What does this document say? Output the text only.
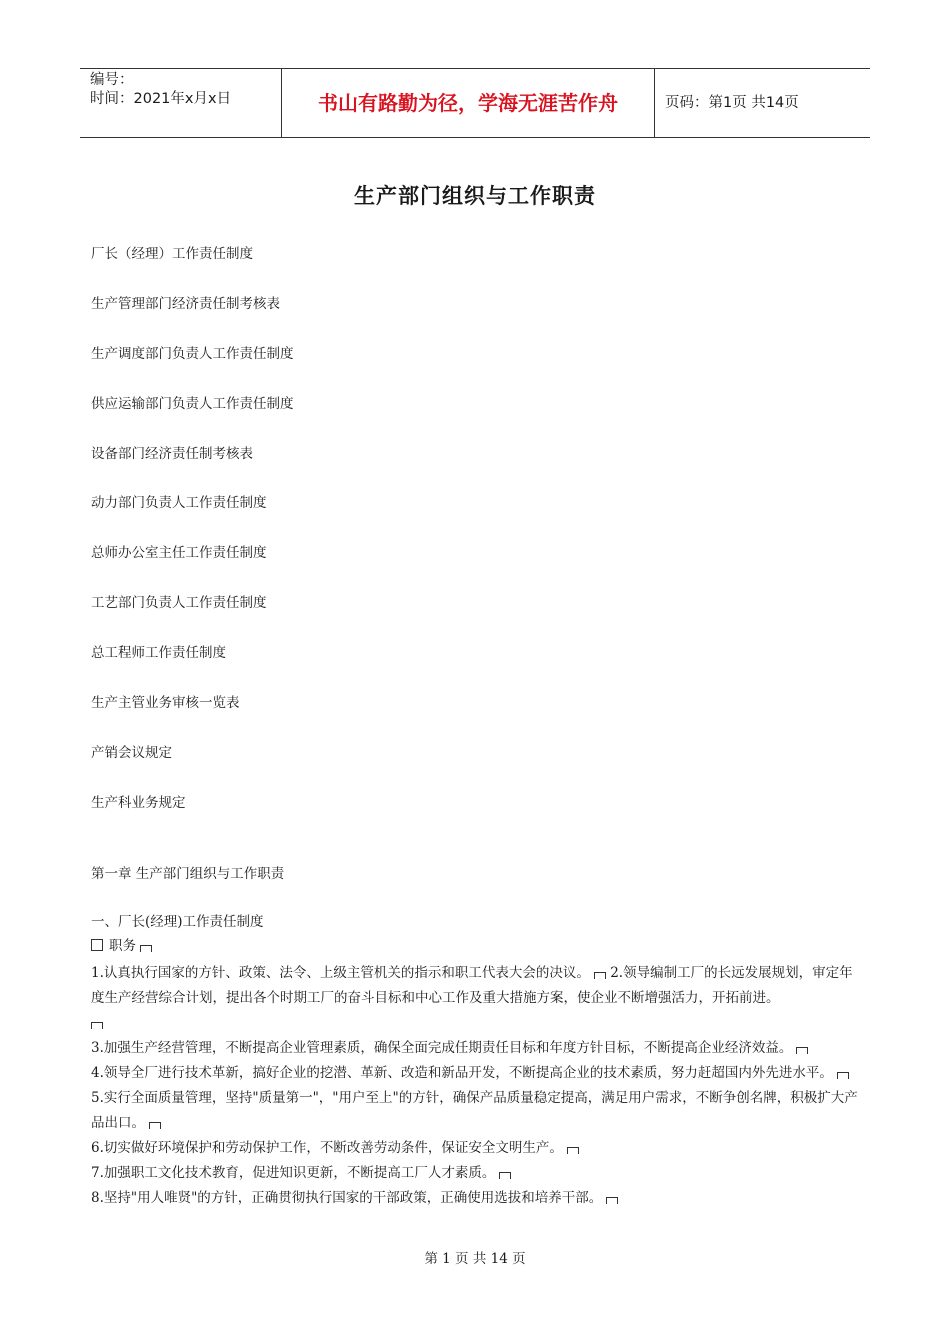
编号：
时间：2021年x月x日	书山有路勤为径，学海无涯苦作舟	页码：第1页 共14页
生产部门组织与工作职责
厂长（经理）工作责任制度
生产管理部门经济责任制考核表
生产调度部门负责人工作责任制度
供应运输部门负责人工作责任制度
设备部门经济责任制考核表
动力部门负责人工作责任制度
总师办公室主任工作责任制度
工艺部门负责人工作责任制度
总工程师工作责任制度
生产主管业务审核一览表
产销会议规定
生产科业务规定
第一章 生产部门组织与工作职责
一、厂长(经理)工作责任制度
职务

1.认真执行国家的方针、政策、法令、上级主管机关的指示和职工代表大会的决议。 2.领导编制工厂的长远发展规划，审定年度生产经营综合计划，提出各个时期工厂的奋斗目标和中心工作及重大措施方案，使企业不断增强活力，开拓前进。

3.加强生产经营管理，不断提高企业管理素质，确保全面完成任期责任目标和年度方针目标，不断提高企业经济效益。

4.领导全厂进行技术革新，搞好企业的挖潜、革新、改造和新品开发，不断提高企业的技术素质，努力赶超国内外先进水平。

5.实行全面质量管理，坚持"质量第一"，"用户至上"的方针，确保产品质量稳定提高，满足用户需求，不断争创名牌，积极扩大产品出口。

6.切实做好环境保护和劳动保护工作，不断改善劳动条件，保证安全文明生产。

7.加强职工文化技术教育，促进知识更新，不断提高工厂人才素质。

8.坚持"用人唯贤"的方针，正确贯彻执行国家的干部政策，正确使用选拔和培养干部。

第 1 页 共 14 页
